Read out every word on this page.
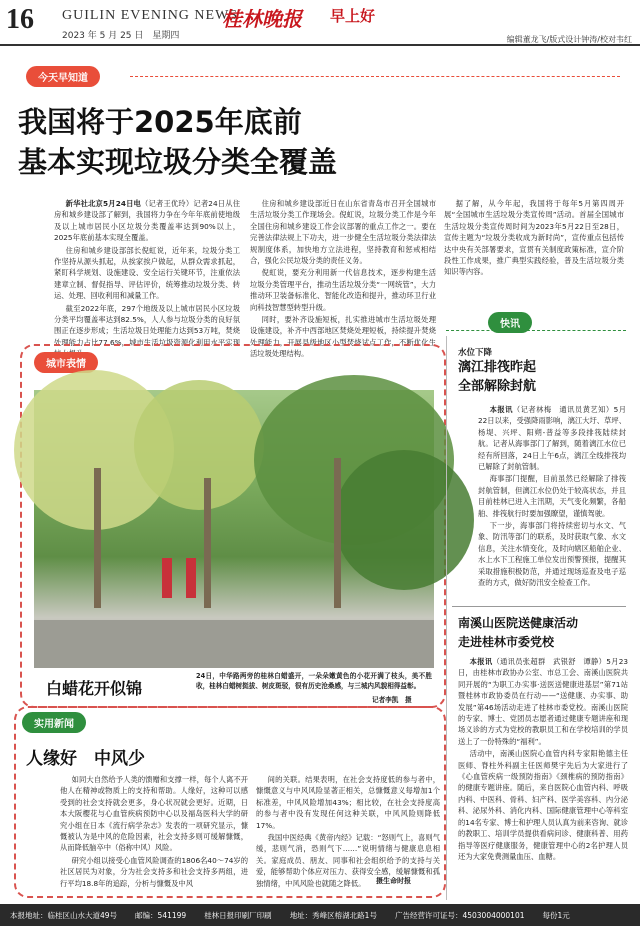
16 GUILIN EVENING NEWS
桂林晚报 早上好
2023 年 5 月 25 日　星期四	编辑董龙飞/版式设计钟涛/校对韦红
今天早知道
我国将于2025年底前
基本实现垃圾分类全覆盖

新华社北京5月24日电（记者王优玲）记者24日从住房和城乡建设部了解到，我国将力争在今年年底前使地级及以上城市居民小区垃圾分类覆盖率达到90%以上，2025年底前基本实现全覆盖。

住房和城乡建设部部长倪虹说，近年来，垃圾分类工作坚持从源头抓起，从挨家挨户做起，从群众需求抓起，紧盯科学规划、设施建设、安全运行关键环节，注重依法建章立制、督促指导、评估评价，统筹推动垃圾分类、转运、处理、回收利用和减量工作。

截至2022年底，297个地级及以上城市居民小区垃圾分类平均覆盖率达到82.5%，人人参与垃圾分类的良好氛围正在逐步形成；生活垃圾日处理能力达到53万吨，焚烧处理能力占比77.6%，城市生活垃圾资源化利用水平实现

住房和城乡建设部近日在山东省青岛市召开全国城市生活垃圾分类工作现场会。倪虹说，垃圾分类工作是今年全国住房和城乡建设工作会议部署的重点工作之一。要在完善法律法规上下功夫，进一步健全生活垃圾分类法律法规制度体系，加快地方立法进程，坚持教育和惩戒相结合，强化公民垃圾分类的责任义务。

倪虹说，要充分利用新一代信息技术，逐步构建生活垃圾分类管理平台，推动生活垃圾分类“一网统管”，大力推动环卫装备标准化、智能化改造和提升，推动环卫行业向科技智慧型转型升级。

同时，要补齐设施短板，扎实推进城市生活垃圾处理设施建设，补齐中西部地区焚烧处理短板，持续提升焚烧处理能力，开展县级地区小型焚烧试点工作，不断优化生活垃圾处理结构。

据了解，从今年起，我国将于每年5月第四周开展“全国城市生活垃圾分类宣传周”活动。首届全国城市生活垃圾分类宣传周时间为2023年5月22日至28日，宣传主题为“垃圾分类收成为新时尚”，宣传重点包括传达中央有关部署要求，宣贯有关制度政策标准，宣介阶段性工作成果，推广典型实践经验，普及生活垃圾分类知识等内容。

城市表情
白蜡花开似锦
24日，中华路两旁的桂林白蜡盛开，一朵朵嫩黄色的小花开满了枝头，美不胜收，桂林白蜡树挺拔、树皮斑驳，很有历史沧桑感，与三城内风貌相得益彰。
记者李凯　摄
快讯
水位下降
漓江排筏昨起
全部解除封航

本报讯（记者林梅　通讯员黄艺知）5月22日以来，受强降雨影响，漓江大圩、草坪、杨堤、兴坪、阳朔-普益等多段排筏陆续封航。记者从海事部门了解到，随着漓江水位已经有所回落，24日上午6点，漓江全线排筏均已解除了封航管制。

海事部门提醒，目前虽然已经解除了排筏封航管制，但漓江水位仍处于较高状态，并且目前桂林已进入主汛期，天气变化频繁，各船舶、排筏航行时要加强瞭望，谨慎驾驶。

下一步，海事部门将持续密切与水文、气象、防汛等部门的联系，及时获取气象、水文信息，关注水情变化，及时向辖区船舶企业、水上水下工程施工单位发出预警预报，提醒其采取措施积极防范，并通过现场巡查及电子巡查的方式，做好防汛安全检查工作。

南溪山医院送健康活动
走进桂林市委党校

本报讯（通讯员张超群　武银舒　谭静）5月23日，由桂林市政协办公室、市总工会、南溪山医院共同开展的“为职工办实事·送医送健康进基层”第71站暨桂林市政协委员在行动——“送健康、办实事、助发展”第46场活动走进了桂林市委党校。南溪山医院的专家、博士、党团员志愿者通过健康专题讲座和现场义诊的方式为党校的教职员工和在学校培训的学员送上了一份特殊的“福利”。

活动中，南溪山医院心血管内科专家阳艳德主任医师、脊柱外科副主任医师樊宇先后为大家进行了《心血管疾病一级预防指南》《颈椎病的预防指南》的健康专题讲座。随后，来自医院心血管内科、呼吸内科、中医科、骨科、妇产科、医学美容科、内分泌科、泌尿外科、消化内科、国际健康管理中心等科室的14名专家、博士和护理人员认真为前来咨询、就诊的教职工、培训学员提供看病问诊、健康科普、用药指导等医疗健康服务，健康管理中心的2名护理人员还为大家免费测量血压、血糖。

实用新闻
人缘好　中风少

如同大自然给予人类的馈赠和支撑一样，每个人离不开他人在精神或物质上的支持和帮助。人缘好，这种可以感受到的社会支持就会更多，身心状况就会更好。近期，日本大阪樱花与心血管疾病预防中心以及福岛医科大学的研究小组在日本《流行病学杂志》发表的一项研究显示，慷慨被认为是中风的危险因素，社会支持多则可缓解慷慨，从而降低脑卒中（俗称中风）风险。

研究小组以接受心血管风险调查的1806名40～74岁的社区居民为对象，分为社会支持多和社会支持多两组，进行平均18.8年的追踪，分析与慷慨及中风

间的关联。结果表明，在社会支持度低的参与者中，慷慨意义与中风风险显著正相关，总慷慨意义每增加1个标准差，中风风险增加43%；相比较，在社会支持度高的参与者中没有发现任何这种关联，中风风险则降低17%。

我国中医经典《黄帝内经》记载：“怒则气上，喜则气缓，悲则气消，恐则气下……”说明情绪与健康息息相关。家庭成员、朋友、同事和社会组织给予的支持与关爱，能够帮助个体应对压力、获得安全感，缓解慷慨和孤独情绪，中风风险也就随之降低。	摄生命时报
本报地址：临桂区山水大道49号 邮编：541199 桂林日报印刷厂印刷 地址：秀峰区榕湖北路1号 广告经营许可证号：4503004000101 每份1元
